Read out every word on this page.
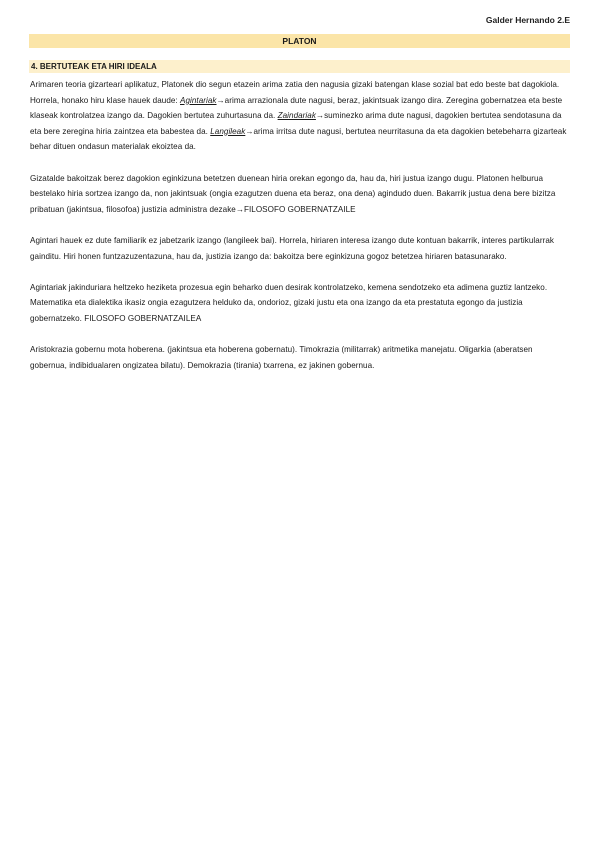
Galder Hernando 2.E
PLATON
4. BERTUTEAK ETA HIRI IDEALA

Arimaren teoria gizarteari aplikatuz, Platonek dio segun etazein arima zatia den nagusia gizaki batengan klase sozial bat edo beste bat dagokiola. Horrela, honako hiru klase hauek daude: Agintariak→arima arrazionala dute nagusi, beraz, jakintsuak izango dira. Zeregina gobernatzea eta beste klaseak kontrolatzea izango da. Dagokien bertutea zuhurtasuna da. Zaindariak→suminezko arima dute nagusi, dagokien bertutea sendotasuna da eta bere zeregina hiria zaintzea eta babestea da. Langileak→arima irritsa dute nagusi, bertutea neurritasuna da eta dagokien betebeharra gizarteak behar dituen ondasun materialak ekoiztea da.

Gizatalde bakoitzak berez dagokion eginkizuna betetzen duenean hiria orekan egongo da, hau da, hiri justua izango dugu. Platonen helburua bestelako hiria sortzea izango da, non jakintsuak (ongia ezagutzen duena eta beraz, ona dena) agindudo duen. Bakarrik justua dena bere bizitza pribatuan (jakintsua, filosofoa) justizia administra dezake→FILOSOFO GOBERNATZAILE

Agintari hauek ez dute familiarik ez jabetzarik izango (langileek bai). Horrela, hiriaren interesa izango dute kontuan bakarrik, interes partikularrak gainditu. Hiri honen funtzazuzentazuna, hau da, justizia izango da: bakoitza bere eginkizuna gogoz betetzea hiriaren batasunarako.

Agintariak jakinduriara heltzeko heziketa prozesua egin beharko duen desirak kontrolatzeko, kemena sendotzeko eta adimena guztiz lantzeko. Matematika eta dialektika ikasiz ongia ezagutzera helduko da, ondorioz, gizaki justu eta ona izango da eta prestatuta egongo da justizia gobernatzeko. FILOSOFO GOBERNATZAILEA

Aristokrazia gobernu mota hoberena. (jakintsua eta hoberena gobernatu). Timokrazia (militarrak) aritmetika manejatu. Oligarkia (aberatsen gobernua, indibidualaren ongizatea bilatu). Demokrazia (tirania) txarrena, ez jakinen gobernua.
